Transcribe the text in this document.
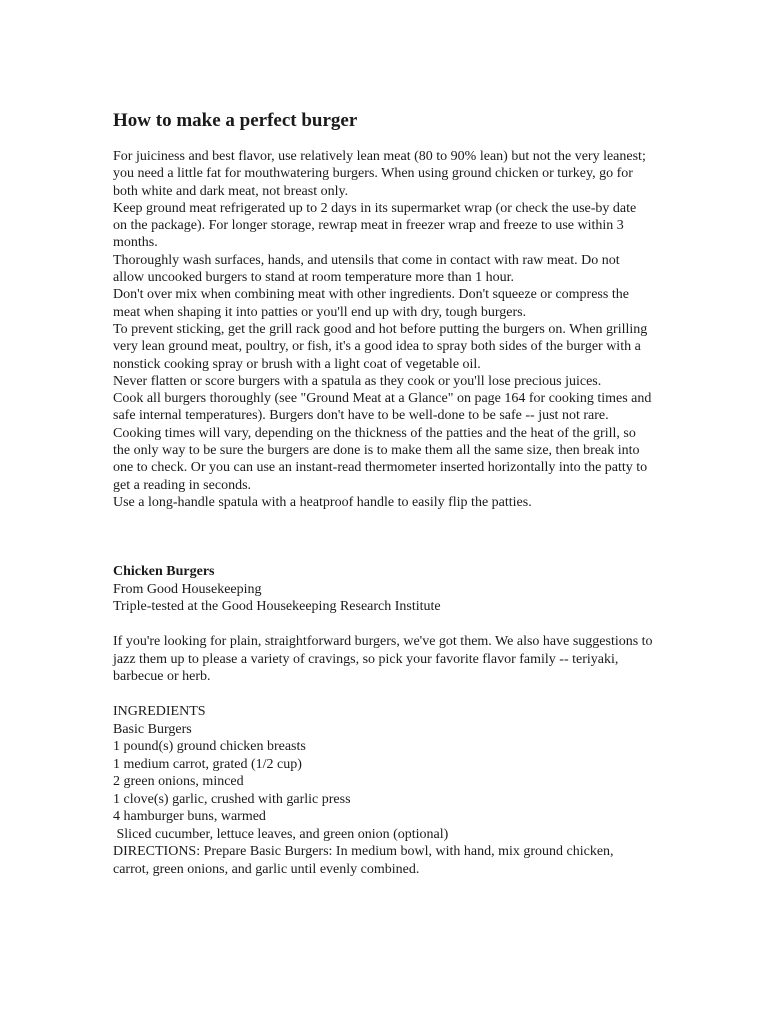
How to make a perfect burger

For juiciness and best flavor, use relatively lean meat (80 to 90% lean) but not the very leanest; you need a little fat for mouthwatering burgers. When using ground chicken or turkey, go for both white and dark meat, not breast only.

Keep ground meat refrigerated up to 2 days in its supermarket wrap (or check the use-by date on the package). For longer storage, rewrap meat in freezer wrap and freeze to use within 3 months.

Thoroughly wash surfaces, hands, and utensils that come in contact with raw meat. Do not allow uncooked burgers to stand at room temperature more than 1 hour.

Don't over mix when combining meat with other ingredients. Don't squeeze or compress the meat when shaping it into patties or you'll end up with dry, tough burgers.

To prevent sticking, get the grill rack good and hot before putting the burgers on. When grilling very lean ground meat, poultry, or fish, it's a good idea to spray both sides of the burger with a nonstick cooking spray or brush with a light coat of vegetable oil.

Never flatten or score burgers with a spatula as they cook or you'll lose precious juices.

Cook all burgers thoroughly (see "Ground Meat at a Glance" on page 164 for cooking times and safe internal temperatures). Burgers don't have to be well-done to be safe -- just not rare. Cooking times will vary, depending on the thickness of the patties and the heat of the grill, so the only way to be sure the burgers are done is to make them all the same size, then break into one to check. Or you can use an instant-read thermometer inserted horizontally into the patty to get a reading in seconds.

Use a long-handle spatula with a heatproof handle to easily flip the patties.

Chicken Burgers

From Good Housekeeping

Triple-tested at the Good Housekeeping Research Institute

If you're looking for plain, straightforward burgers, we've got them. We also have suggestions to jazz them up to please a variety of cravings, so pick your favorite flavor family -- teriyaki, barbecue or herb.

INGREDIENTS

Basic Burgers

1 pound(s) ground chicken breasts

1 medium carrot, grated (1/2 cup)

2 green onions, minced

1 clove(s) garlic, crushed with garlic press

4 hamburger buns, warmed

Sliced cucumber, lettuce leaves, and green onion (optional)

DIRECTIONS: Prepare Basic Burgers: In medium bowl, with hand, mix ground chicken, carrot, green onions, and garlic until evenly combined.
